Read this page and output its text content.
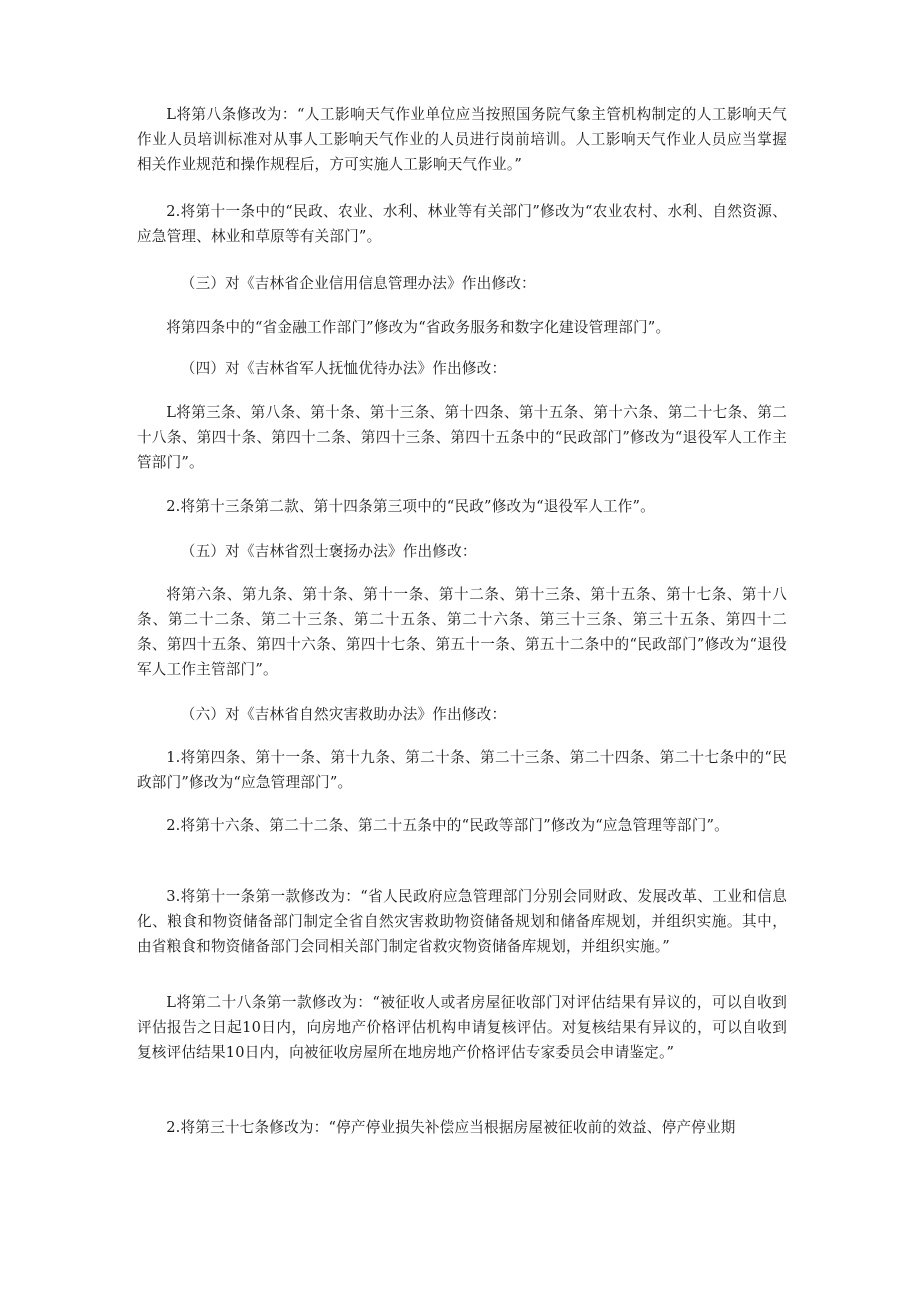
L将第八条修改为：“人工影响天气作业单位应当按照国务院气象主管机构制定的人工影响天气作业人员培训标准对从事人工影响天气作业的人员进行岗前培训。人工影响天气作业人员应当掌握相关作业规范和操作规程后，方可实施人工影响天气作业。”

2.将第十一条中的“民政、农业、水利、林业等有关部门”修改为“农业农村、水利、自然资源、应急管理、林业和草原等有关部门”。

（三）对《吉林省企业信用信息管理办法》作出修改：

将第四条中的“省金融工作部门”修改为“省政务服务和数字化建设管理部门”。

（四）对《吉林省军人抚恤优待办法》作出修改：

L将第三条、第八条、第十条、第十三条、第十四条、第十五条、第十六条、第二十七条、第二十八条、第四十条、第四十二条、第四十三条、第四十五条中的“民政部门”修改为“退役军人工作主管部门”。

2.将第十三条第二款、第十四条第三项中的“民政”修改为“退役军人工作”。

（五）对《吉林省烈士褒扬办法》作出修改：

将第六条、第九条、第十条、第十一条、第十二条、第十三条、第十五条、第十七条、第十八条、第二十二条、第二十三条、第二十五条、第二十六条、第三十三条、第三十五条、第四十二条、第四十五条、第四十六条、第四十七条、第五十一条、第五十二条中的“民政部门”修改为“退役军人工作主管部门”。

（六）对《吉林省自然灾害救助办法》作出修改：

1.将第四条、第十一条、第十九条、第二十条、第二十三条、第二十四条、第二十七条中的“民政部门”修改为“应急管理部门”。

2.将第十六条、第二十二条、第二十五条中的“民政等部门”修改为“应急管理等部门”。

3.将第十一条第一款修改为：“省人民政府应急管理部门分别会同财政、发展改革、工业和信息化、粮食和物资储备部门制定全省自然灾害救助物资储备规划和储备库规划，并组织实施。其中，由省粮食和物资储备部门会同相关部门制定省救灾物资储备库规划，并组织实施。”

L将第二十八条第一款修改为：“被征收人或者房屋征收部门对评估结果有异议的，可以自收到评估报告之日起10日内，向房地产价格评估机构申请复核评估。对复核结果有异议的，可以自收到复核评估结果10日内，向被征收房屋所在地房地产价格评估专家委员会申请鉴定。”

2.将第三十七条修改为：“停产停业损失补偿应当根据房屋被征收前的效益、停产停业期
